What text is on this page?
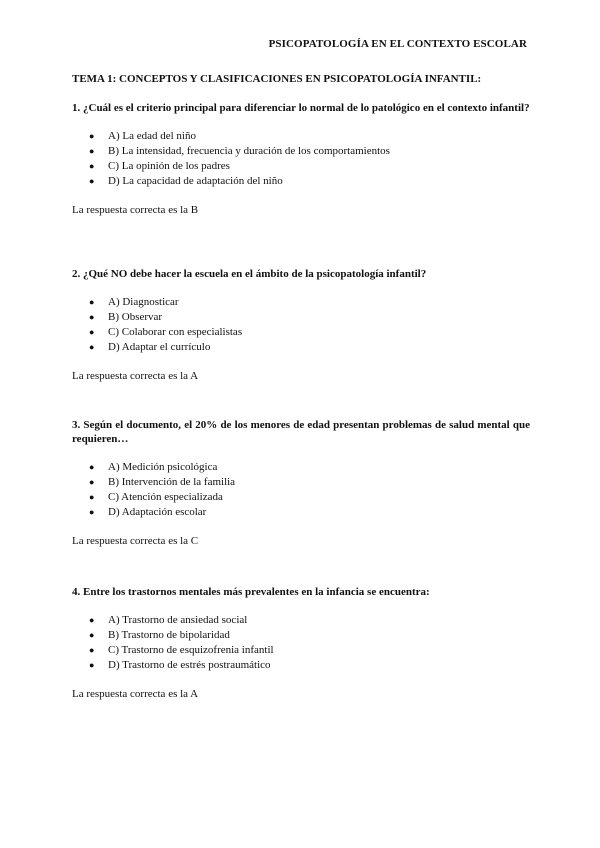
PSICOPATOLOGÍA EN EL CONTEXTO ESCOLAR
TEMA 1: CONCEPTOS Y CLASIFICACIONES EN PSICOPATOLOGÍA INFANTIL:

1. ¿Cuál es el criterio principal para diferenciar lo normal de lo patológico en el contexto infantil?

● A) La edad del niño
● B) La intensidad, frecuencia y duración de los comportamientos
● C) La opinión de los padres
● D) La capacidad de adaptación del niño

La respuesta correcta es la B

2. ¿Qué NO debe hacer la escuela en el ámbito de la psicopatología infantil?

● A) Diagnosticar
● B) Observar
● C) Colaborar con especialistas
● D) Adaptar el currículo

La respuesta correcta es la A

3. Según el documento, el 20% de los menores de edad presentan problemas de salud mental que requieren…

● A) Medición psicológica
● B) Intervención de la familia
● C) Atención especializada
● D) Adaptación escolar

La respuesta correcta es la C

4. Entre los trastornos mentales más prevalentes en la infancia se encuentra:

● A) Trastorno de ansiedad social
● B) Trastorno de bipolaridad
● C) Trastorno de esquizofrenia infantil
● D) Trastorno de estrés postraumático

La respuesta correcta es la A
